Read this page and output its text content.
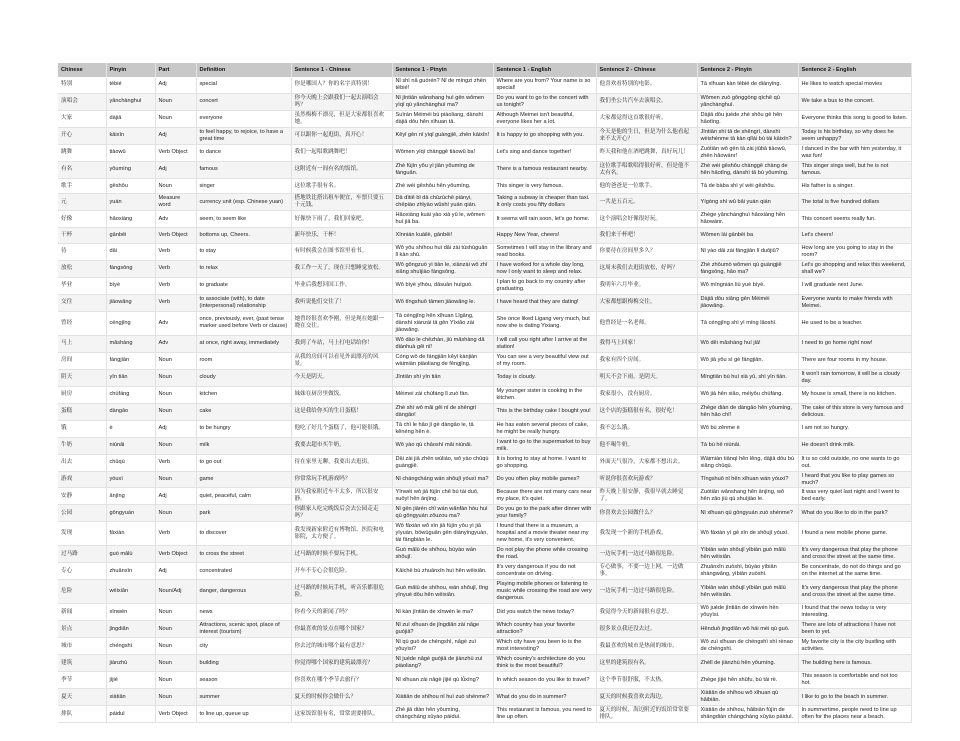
Chinese	Pinyin	Part	Definition	Sentence 1 - Chinese	Sentence 1 - Pinyin	Sentence 1 - English	Sentence 2 - Chinese	Sentence 2 - Pinyin	Sentence 2 - English
特别	tèbié	Adj	special	你是哪国人？你的名字真特别！	Nǐ shì nǎ guórén? Nǐ de míngzi zhēn tèbié!	Where are you from? Your name is so special!	他喜欢看特别的电影。	Tā xǐhuan kàn tèbié de diànyǐng.	He likes to watch special movies
演唱会	yǎnchànghuì	Noun	concert	你今天晚上会跟我们一起去演唱会吗？	Nǐ jīntiān wǎnshang huì gēn wǒmen yìqǐ qù yǎnchànghuì ma?	Do you want to go to the concert with us tonight?	我们坐公共汽车去演唱会。	Wǒmen zuò gōnggòng qìchē qù yǎnchànghuì.	We take a bus to the concert.
大家	dàjiā	Noun	everyone	虽然梅梅不漂亮，但是大家都很喜欢她。	Suīrán Méiméi bú piàoliang, dànshì dàjiā dōu hěn xǐhuan tā.	Although Meimei isn't beautiful, everyone likes her a lot.	大家都觉得这首歌很好听。	Dàjiā dōu juéde zhè shǒu gē hěn hǎotīng.	Everyone thinks this song is good to listen.
开心	kāixīn	Adj	to feel happy, to rejoice, to have a great time	可以跟你一起逛街，真开心！	Kěyǐ gēn nǐ yìqǐ guàngjiē, zhēn kāixīn!	It is happy to go shopping with you.	今天是他的生日，但是为什么他看起来不太开心？	Jīntiān shì tā de shēngrì, dànshì wèishénme tā kàn qǐlái bú tài kāixīn?	Today is his birthday, so why does he seem unhappy?
跳舞	tiàowǔ	Verb Object	to dance	我们一起唱歌跳舞吧！	Wǒmen yìqǐ chànggē tiàowǔ ba!	Let's sing and dance together!	昨天我和他在酒吧跳舞，真好玩儿！	Zuótiān wǒ gēn tā zài jiǔbā tiàowǔ, zhēn hǎowánr!	I danced in the bar with him yesterday, it was fun!
有名	yǒumíng	Adj	famous	这附近有一间有名的饭馆。	Zhè fùjìn yǒu yì jiān yǒumíng de fànguǎn.	There is a famous restaurant nearby.	这位歌手唱歌唱得很好听，但是他不太有名。	Zhè wèi gēshǒu chànggē chàng de hěn hǎotīng, dànshì tā bú yǒumíng.	This singer sings well, but he is not famous.
歌手	gēshǒu	Noun	singer	这位歌手很有名。	Zhè wèi gēshǒu hěn yǒumíng.	This singer is very famous.	他的爸爸是一位歌手。	Tā de bàba shì yí wèi gēshǒu.	His father is a singer.
元	yuán	Measure word	currency unit (esp. Chinese yuan)	搭地铁比搭出租车便宜，车票只要五十元钱。	Dā dìtiě bǐ dā chūzūchē piányi, chēpiào zhǐyào wǔshí yuán qián.	Taking a subway is cheaper than taxi. It only costs you fifty dollars	一共是五百元。	Yígòng shì wǔ bǎi yuán qián	The total is five hundred dollars
好像	hǎoxiàng	Adv	seem, to seem like	好像快下雨了，我们回家吧。	Hǎoxiàng kuài yào xià yǔ le, wǒmen huí jiā ba.	It seems will rain soon, let's go home.	这个演唱会好像很好玩。	Zhège yǎnchànghuì hǎoxiàng hěn hǎowánr.	This concert seems really fun.
干杯	gānbēi	Verb Object	bottoms up, Cheers.	新年快乐，干杯！	Xīnnián kuàilè, gānbēi!	Happy New Year, cheers!	我们来干杯吧！	Wǒmen lái gānbēi ba	Let's cheers!
待	dāi	Verb	to stay	有时候我会在图书馆里看书。	Wǒ yǒu shíhou huì dāi zài túshūguǎn lǐ kàn shū.	Sometimes I will stay in the library and read books.	你要待在房间里多久？	Nǐ yào dāi zài fángjiān lǐ duōjiǔ?	How long are you going to stay in the room?
放松	fàngsōng	Verb	to relax	我工作一天了，现在只想睡觉放松。	Wǒ gōngzuò yì tiān le, xiànzài wǒ zhǐ xiǎng shuìjiào fàngsōng.	I have worked for a whole day long, now I only want to sleep and relax.	这周末我们去逛街放松，好吗？	Zhè zhōumò wǒmen qù guàngjiē fàngsōng, hǎo ma?	Let's go shopping and relax this weekend, shall we?
毕业	bìyè	Verb	to graduate	毕业后我想回国工作。	Wǒ bìyè yǐhòu, dǎsuàn huíguó.	I plan to go back to my country after graduating.	我明年六月毕业。	Wǒ míngnián liù yuè bìyè.	I will graduate next June.
交往	jiāowǎng	Verb	to associate (with), to date (interpersonal) relationship	我听说他们交往了！	Wǒ tīngshuō tāmen jiāowǎng le.	I have heard that they are dating!	大家都想跟梅梅交往。	Dàjiā dōu xiǎng gēn Méiméi jiāowǎng.	Everyone wants to make friends with Meimei.
曾经	céngjīng	Adv	once, previously, ever, (past tense marker used before Verb or clause)	她曾经很喜欢李刚，但是现在她跟一晓在交往。	Tā céngjīng hěn xǐhuan Lǐgāng, dànshì xiànzài tā gēn Yīxiǎo zài jiāowǎng.	She once liked Ligang very much, but now she is dating Yixiang.	他曾经是一名老师。	Tā céngjīng shì yì míng lǎoshī.	He used to be a teacher.
马上	mǎshàng	Adv	at once, right away, immediately	我到了车站，马上打电话给你！	Wǒ dào le chēzhàn, jiù mǎshàng dǎ diànhuà gěi nǐ!	I will call you right after I arrive at the station!	我得马上回家！	Wǒ děi mǎshàng huí jiā!	I need to go home right now!
房间	fángjiān	Noun	room	从我的房间可以看见外面漂亮的风景。	Cóng wǒ de fángjiān kěyǐ kànjiàn wàimiàn piàoliang de fēngjǐng.	You can see a very beautiful view out of my room.	我家有四个房间。	Wǒ jiā yǒu sì gè fángjiān.	There are four rooms in my house.
阴天	yīn tiān	Noun	cloudy	今天是阴天。	Jīntiān shì yīn tiān	Today is cloudy.	明天不会下雨，是阴天。	Míngtiān bú huì xià yǔ, shì yīn tiān.	It won't rain tomorrow, it will be a cloudy day.
厨房	chúfáng	Noun	kitchen	妹妹在厨房里做饭。	Mèimei zài chúfáng lǐ zuò fàn.	My younger sister is cooking in the kitchen.	我家很小，没有厨房。	Wǒ jiā hěn xiǎo, méiyǒu chúfáng.	My house is small, there is no kitchen.
蛋糕	dàngāo	Noun	cake	这是我给你买的生日蛋糕！	Zhè shì wǒ mǎi gěi nǐ de shēngrì dàngāo!	This is the birthday cake I bought you!	这个店的蛋糕很有名，很好吃！	Zhège diàn de dàngāo hěn yǒumíng, hěn hǎo chī!	The cake of this store is very famous and delicious.
饿	è	Adj	to be hungry	他吃了好几个蛋糕了，他可能很饿。	Tā chī le hǎo jǐ gè dàngāo le, tā kěnéng hěn è.	He has eaten several pieces of cake, he might be really hungry.	我不怎么饿。	Wǒ bù zěnme è	I am not so hungry.
牛奶	niúnǎi	Noun	milk	我要去超市买牛奶。	Wǒ yào qù chāoshì mǎi niúnǎi.	I want to go to the supermarket to buy milk.	他不喝牛奶。	Tā bù hē niúnǎi.	He doesn't drink milk.
出去	chūqù	Verb	to go out	待在家里无聊，我要出去逛街。	Dāi zài jiā zhēn wúliáo, wǒ yào chūqù guàngjiē.	It is boring to stay at home. I want to go shopping.	外面天气很冷，大家都不想出去。	Wàimiàn tiānqì hěn lěng, dàjiā dōu bù xiǎng chūqù.	It is so cold outside, no one wants to go out.
游戏	yóuxì	Noun	game	你常常玩手机游戏吗？	Nǐ chángcháng wán shǒujī yóuxì ma?	Do you often play mobile games?	听说你很喜欢玩游戏？	Tīngshuō nǐ hěn xǐhuan wán yóuxì?	I heard that you like to play games so much?
安静	ānjìng	Adj	quiet, peaceful, calm	因为我家附近车不太多，所以很安静。	Yīnwèi wǒ jiā fùjìn chē bú tài duō, suǒyǐ hěn ānjìng.	Because there are not many cars near my place, it's quiet.	昨天晚上很安静，我很早就去睡觉了。	Zuótiān wǎnshang hěn ānjìng, wǒ hěn zǎo jiù qù shuìjiào le.	It was very quiet last night and I went to bed early.
公园	gōngyuán	Noun	park	你跟家人吃完晚饭后会去公园走走吗？	Nǐ gēn jiārén chī wán wǎnfàn hòu huì qù gōngyuán zǒuzou ma?	Do you go to the park after dinner with your family?	你喜欢去公园做什么？	Nǐ xǐhuan qù gōngyuán zuò shénme?	What do you like to do in the park?
发现	fāxiàn	Verb	to discover	我发现新家附近有博物馆、医院和电影院，太方便了。	Wǒ fāxiàn wǒ xīn jiā fùjìn yǒu yì jiā yīyuàn, bówùguǎn gēn diànyǐngyuàn, tài fāngbiàn le.	I found that there is a museum, a hospital and a movie theater near my new home, it's very convenient.	我发现一个新的手机游戏。	Wǒ fāxiàn yí gè xīn de shǒujī yóuxì.	I found a new mobile phone game.
过马路	guò mǎlù	Verb Object	to cross the street	过马路的时候不要玩手机。	Guò mǎlù de shíhou, búyào wán shǒujī.	Do not play the phone while crossing the road.	一边玩手机一边过马路很危险。	Yìbiān wán shǒujī yìbiān guò mǎlù hěn wēixiǎn.	It's very dangerous that play the phone and cross the street at the same time.
专心	zhuānxīn	Adj	concentrated	开车不专心会很危险。	Kāichē bù zhuānxīn huì hěn wēixiǎn.	It's very dangerous if you do not concentrate on driving.	专心做事，不要一边上网，一边做事。	Zhuānxīn zuòshì, búyào yìbiān shàngwǎng, yìbiān zuòshì.	Be concentrate, do not do things and go on the internet at the same time.
危险	wēixiǎn	Noun/Adj	danger, dangerous	过马路的时候玩手机，听音乐都很危险。	Guò mǎlù de shíhou, wán shǒujī, tīng yīnyuè dōu hěn wēixiǎn.	Playing mobile phones or listening to music while crossing the road are very dangerous.	一边玩手机一边过马路很危险。	Yìbiān wán shǒujī yìbiān guò mǎlù hěn wēixiǎn.	It's very dangerous that play the phone and cross the street at the same time.
新闻	xīnwén	Noun	news	你看今天的新闻了吗？	Nǐ kàn jīntiān de xīnwén le ma?	Did you watch the news today?	我觉得今天的新闻很有意思。	Wǒ juéde jīntiān de xīnwén hěn yǒuyìsi.	I found that the news today is very interesting.
景点	jǐngdiǎn	Noun	Attractions, scenic spot, place of interest (tourism)	你最喜欢的景点在哪个国家？	Nǐ zuì xǐhuan de jǐngdiǎn zài nǎge guójiā?	Which country has your favorite attraction?	很多景点我还没去过。	Hěnduō jǐngdiǎn wǒ hái méi qù guò.	There are lots of attractions I have not been to yet.
城市	chéngshì	Noun	city	你去过的城市哪个最有意思？	Nǐ qù guò de chéngshì, nǎgè zuì yǒuyìsi?	Which city have you been to is the most interesting?	我最喜欢的城市是热闹的城市。	Wǒ zuì xǐhuan de chéngshì shì rènao de chéngshì.	My favorite city is the city bustling with activities.
建筑	jiànzhù	Noun	building	你觉得哪个国家的建筑最漂亮？	Nǐ juéde nǎgè guójiā de jiànzhù zuì piàoliang?	Which country's architecture do you think is the most beautiful?	这里的建筑很有名。	Zhèlǐ de jiànzhù hěn yǒumíng.	The building here is famous.
季节	jìjié	Noun	season	你喜欢在哪个季节去旅行？	Nǐ xǐhuan zài nǎgè jìjié qù lǚxíng?	In which season do you like to travel?	这个季节很舒服，不太热。	Zhège jìjié hěn shūfu, bú tài rè.	This season is comfortable and not too hot.
夏天	xiàtiān	Noun	summer	夏天的时候你会做什么？	Xiàtiān de shíhou nǐ huì zuò shénme?	What do you do in summer?	夏天的时候我喜欢去海边。	Xiàtiān de shíhou wǒ xǐhuan qù hǎibiān.	I like to go to the beach in summer.
排队	páiduì	Verb Object	to line up, queue up	这家饭馆很有名，常常需要排队。	Zhè jiā diàn hěn yǒumíng, chángcháng xūyào páiduì.	This restaurant is famous, you need to line up often.	夏天的时候，海边附近的饭馆常常要排队。	Xiàtiān de shíhou, hǎibiān fùjìn de shāngdiàn chángcháng xūyào páiduì.	In summertime, people need to line up often for the places near a beach.
